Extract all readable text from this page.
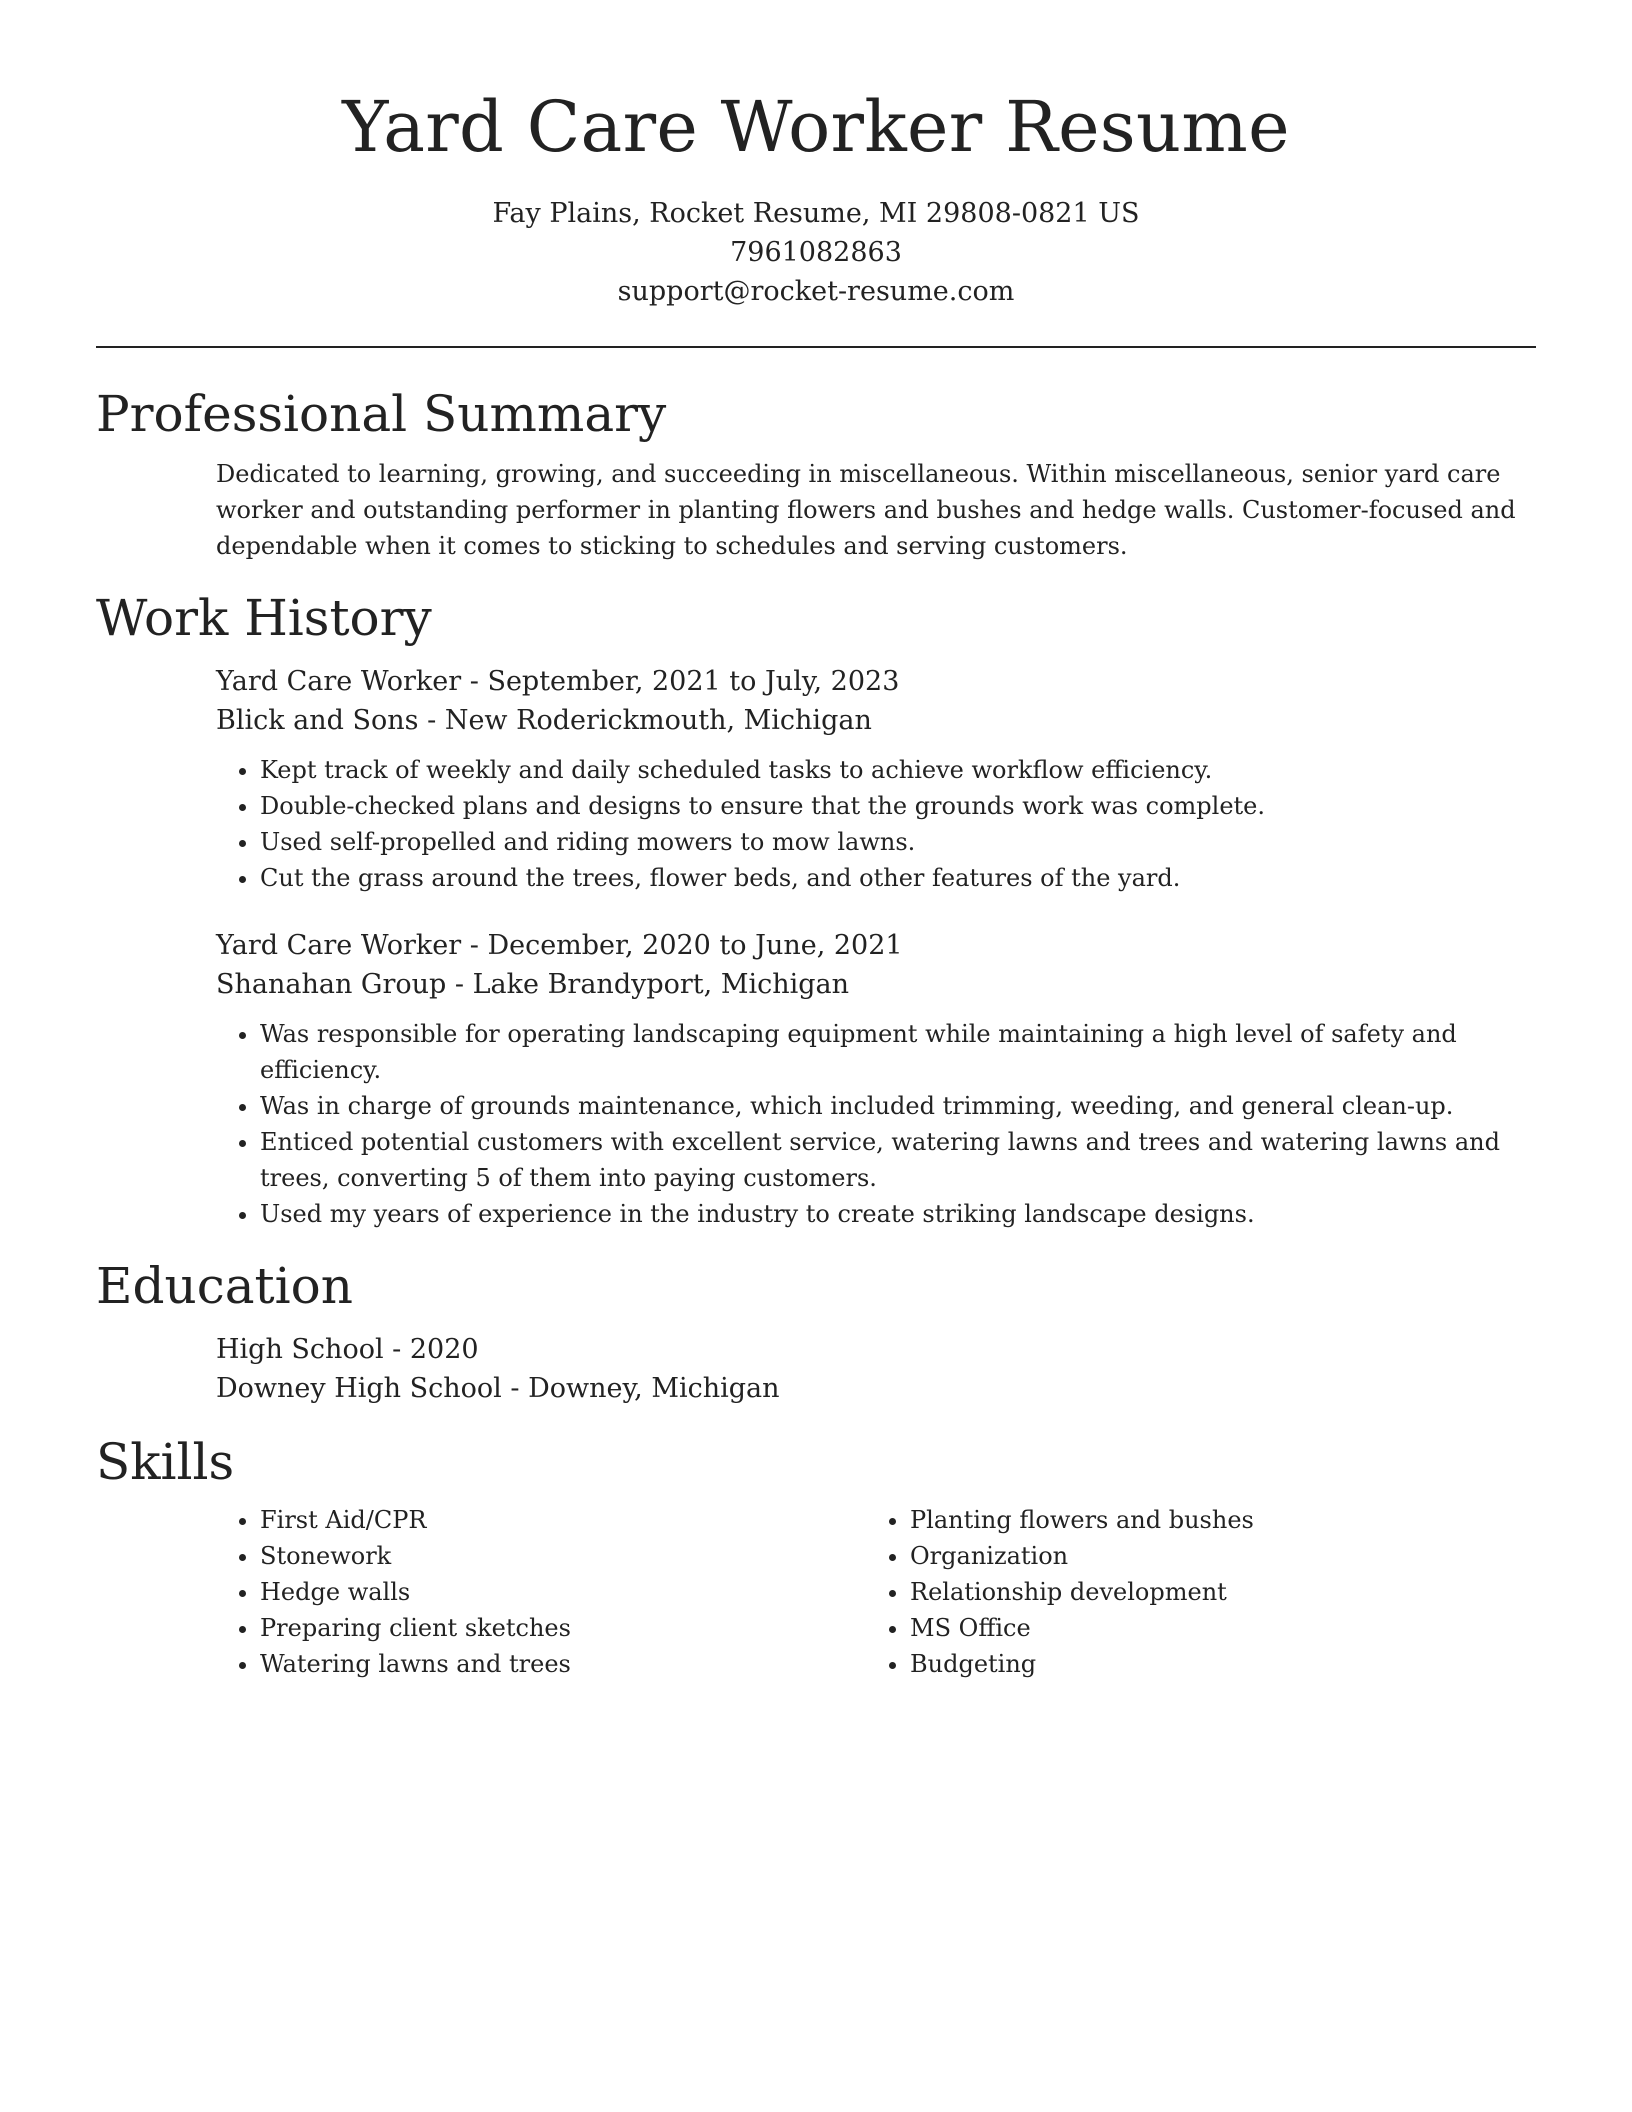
Yard Care Worker Resume
Fay Plains, Rocket Resume, MI 29808-0821 US
7961082863
support@rocket-resume.com
Professional Summary

Dedicated to learning, growing, and succeeding in miscellaneous. Within miscellaneous, senior yard care worker and outstanding performer in planting flowers and bushes and hedge walls. Customer-focused and dependable when it comes to sticking to schedules and serving customers.

Work History
Yard Care Worker - September, 2021 to July, 2023
Blick and Sons - New Roderickmouth, Michigan
• Kept track of weekly and daily scheduled tasks to achieve workflow efficiency.
• Double-checked plans and designs to ensure that the grounds work was complete.
• Used self-propelled and riding mowers to mow lawns.
• Cut the grass around the trees, flower beds, and other features of the yard.
Yard Care Worker - December, 2020 to June, 2021
Shanahan Group - Lake Brandyport, Michigan
• Was responsible for operating landscaping equipment while maintaining a high level of safety and efficiency.
• Was in charge of grounds maintenance, which included trimming, weeding, and general clean-up.
• Enticed potential customers with excellent service, watering lawns and trees and watering lawns and trees, converting 5 of them into paying customers.
• Used my years of experience in the industry to create striking landscape designs.
Education
High School - 2020
Downey High School - Downey, Michigan
Skills
• First Aid/CPR
• Stonework
• Hedge walls
• Preparing client sketches
• Watering lawns and trees
• Planting flowers and bushes
• Organization
• Relationship development
• MS Office
• Budgeting
